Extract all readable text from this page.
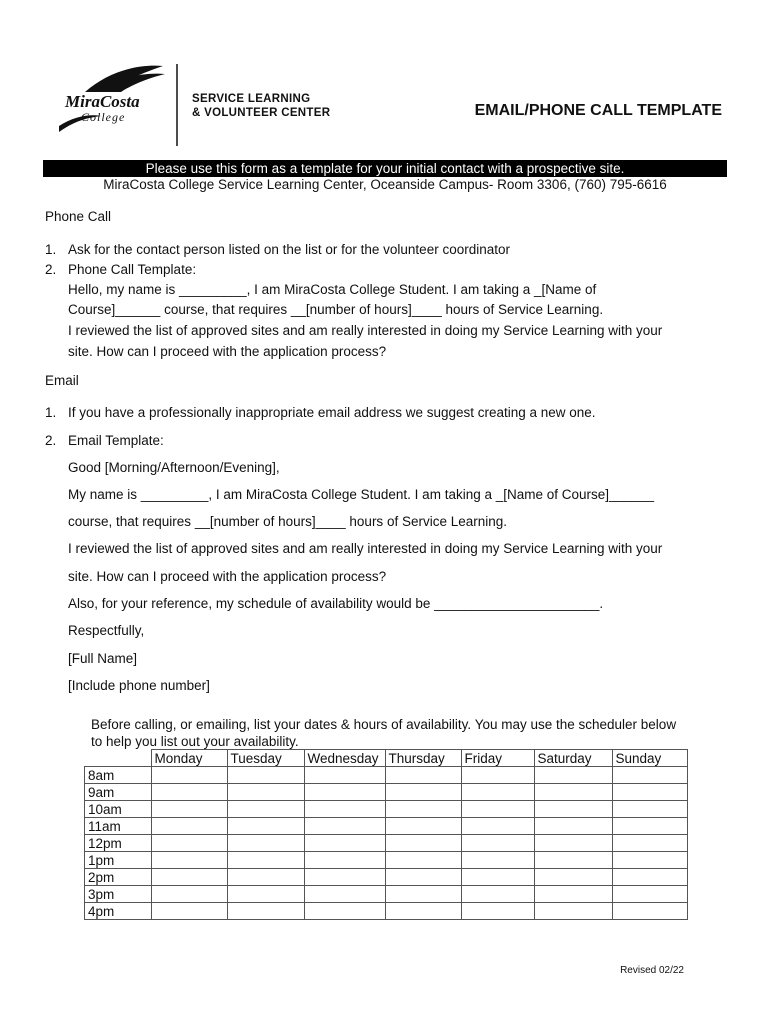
MiraCosta
College
SERVICE LEARNING
& VOLUNTEER CENTER	EMAIL/PHONE CALL TEMPLATE
Please use this form as a template for your initial contact with a prospective site.
MiraCosta College Service Learning Center, Oceanside Campus- Room 3306, (760) 795-6616
Phone Call
1. Ask for the contact person listed on the list or for the volunteer coordinator
2. Phone Call Template:
Hello, my name is _________, I am MiraCosta College Student. I am taking a _[Name of
Course]______ course, that requires __[number of hours]____ hours of Service Learning.
I reviewed the list of approved sites and am really interested in doing my Service Learning with your
site. How can I proceed with the application process?
Email
1. If you have a professionally inappropriate email address we suggest creating a new one.
2. Email Template:
Good [Morning/Afternoon/Evening],
My name is _________, I am MiraCosta College Student. I am taking a _[Name of Course]______
course, that requires __[number of hours]____ hours of Service Learning.
I reviewed the list of approved sites and am really interested in doing my Service Learning with your
site. How can I proceed with the application process?
Also, for your reference, my schedule of availability would be ______________________.
Respectfully,
[Full Name]
[Include phone number]
Before calling, or emailing, list your dates & hours of availability. You may use the scheduler below to help you list out your availability.
	Monday	Tuesday	Wednesday	Thursday	Friday	Saturday	Sunday
8am							
9am							
10am							
11am							
12pm							
1pm							
2pm							
3pm							
4pm							
Revised 02/22
